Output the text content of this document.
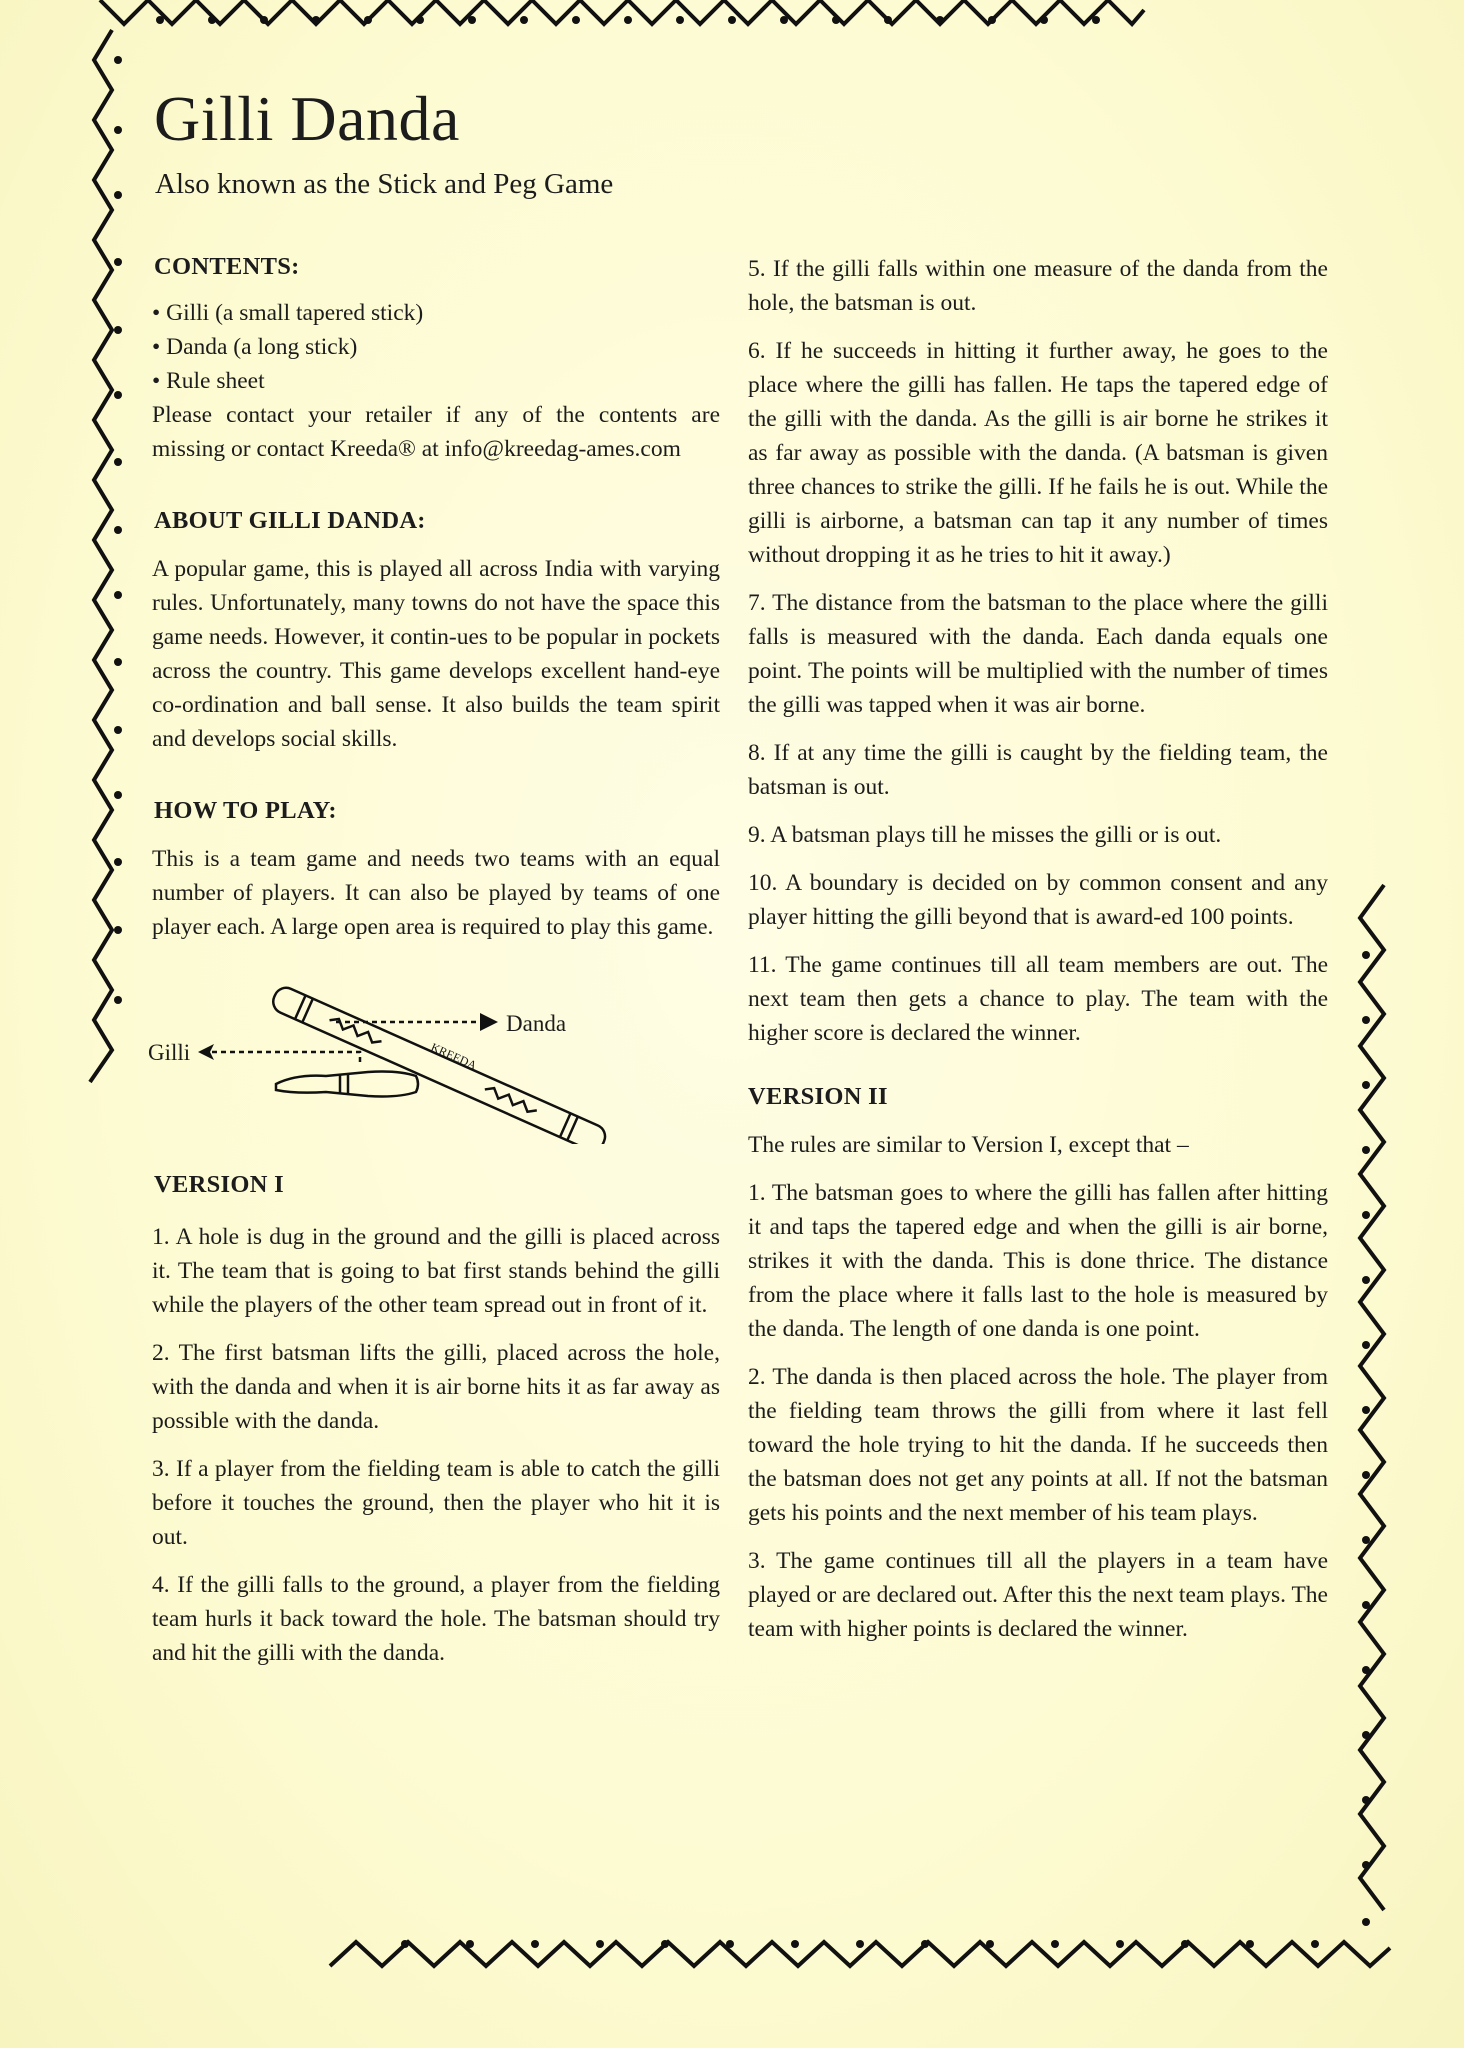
Gilli Danda

Also known as the Stick and Peg Game

CONTENTS:

• Gilli (a small tapered stick)

• Danda (a long stick)

• Rule sheet

Please contact your retailer if any of the contents are missing or contact Kreeda® at info@kreedag-ames.com

ABOUT GILLI DANDA:

A popular game, this is played all across India with varying rules. Unfortunately, many towns do not have the space this game needs. However, it contin-ues to be popular in pockets across the country. This game develops excellent hand-eye co-ordination and ball sense. It also builds the team spirit and develops social skills.

HOW TO PLAY:

This is a team game and needs two teams with an equal number of players. It can also be played by teams of one player each. A large open area is required to play this game.

Danda
Gilli	KREEDA
VERSION I

1. A hole is dug in the ground and the gilli is placed across it. The team that is going to bat first stands behind the gilli while the players of the other team spread out in front of it.

2. The first batsman lifts the gilli, placed across the hole, with the danda and when it is air borne hits it as far away as possible with the danda.

3. If a player from the fielding team is able to catch the gilli before it touches the ground, then the player who hit it is out.

4. If the gilli falls to the ground, a player from the fielding team hurls it back toward the hole. The batsman should try and hit the gilli with the danda.

5. If the gilli falls within one measure of the danda from the hole, the batsman is out.

6. If he succeeds in hitting it further away, he goes to the place where the gilli has fallen. He taps the tapered edge of the gilli with the danda. As the gilli is air borne he strikes it as far away as possible with the danda. (A batsman is given three chances to strike the gilli. If he fails he is out. While the gilli is airborne, a batsman can tap it any number of times without dropping it as he tries to hit it away.)

7. The distance from the batsman to the place where the gilli falls is measured with the danda. Each danda equals one point. The points will be multiplied with the number of times the gilli was tapped when it was air borne.

8. If at any time the gilli is caught by the fielding team, the batsman is out.

9. A batsman plays till he misses the gilli or is out.

10. A boundary is decided on by common consent and any player hitting the gilli beyond that is award-ed 100 points.

11. The game continues till all team members are out. The next team then gets a chance to play. The team with the higher score is declared the winner.

VERSION II

The rules are similar to Version I, except that –

1. The batsman goes to where the gilli has fallen after hitting it and taps the tapered edge and when the gilli is air borne, strikes it with the danda. This is done thrice. The distance from the place where it falls last to the hole is measured by the danda. The length of one danda is one point.

2. The danda is then placed across the hole. The player from the fielding team throws the gilli from where it last fell toward the hole trying to hit the danda. If he succeeds then the batsman does not get any points at all. If not the batsman gets his points and the next member of his team plays.

3. The game continues till all the players in a team have played or are declared out. After this the next team plays. The team with higher points is declared the winner.
